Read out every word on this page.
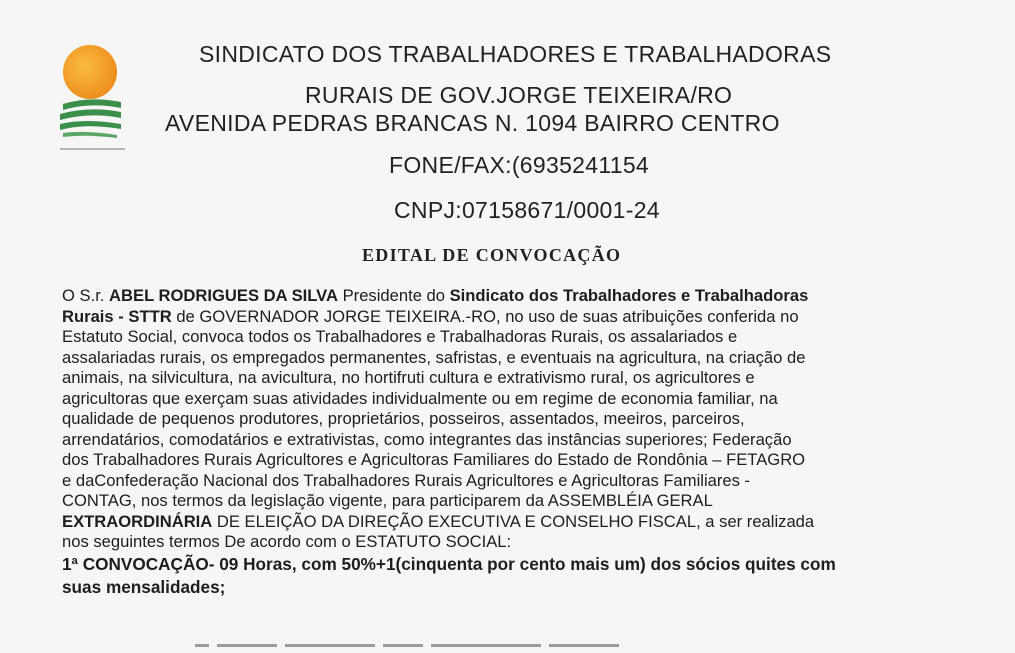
SINDICATO DOS TRABALHADORES E TRABALHADORAS
RURAIS DE GOV.JORGE TEIXEIRA/RO
AVENIDA PEDRAS BRANCAS N. 1094 BAIRRO CENTRO
FONE/FAX:(6935241154
CNPJ:07158671/0001-24
EDITAL DE CONVOCAÇÃO
O S.r. ABEL RODRIGUES DA SILVA Presidente do Sindicato dos Trabalhadores e Trabalhadoras
Rurais - STTR de GOVERNADOR JORGE TEIXEIRA.-RO, no uso de suas atribuições conferida no
Estatuto Social, convoca todos os Trabalhadores e Trabalhadoras Rurais, os assalariados e
assalariadas rurais, os empregados permanentes, safristas, e eventuais na agricultura, na criação de
animais, na silvicultura, na avicultura, no hortifruti cultura e extrativismo rural, os agricultores e
agricultoras que exerçam suas atividades individualmente ou em regime de economia familiar, na
qualidade de pequenos produtores, proprietários, posseiros, assentados, meeiros, parceiros,
arrendatários, comodatários e extrativistas, como integrantes das instâncias superiores; Federação
dos Trabalhadores Rurais Agricultores e Agricultoras Familiares do Estado de Rondônia – FETAGRO
e daConfederação Nacional dos Trabalhadores Rurais Agricultores e Agricultoras Familiares -
CONTAG, nos termos da legislação vigente, para participarem da ASSEMBLÉIA GERAL
EXTRAORDINÁRIA DE ELEIÇÃO DA DIREÇÃO EXECUTIVA E CONSELHO FISCAL, a ser realizada
nos seguintes termos De acordo com o ESTATUTO SOCIAL:
1ª CONVOCAÇÃO- 09 Horas, com 50%+1(cinquenta por cento mais um) dos sócios quites com
suas mensalidades;
